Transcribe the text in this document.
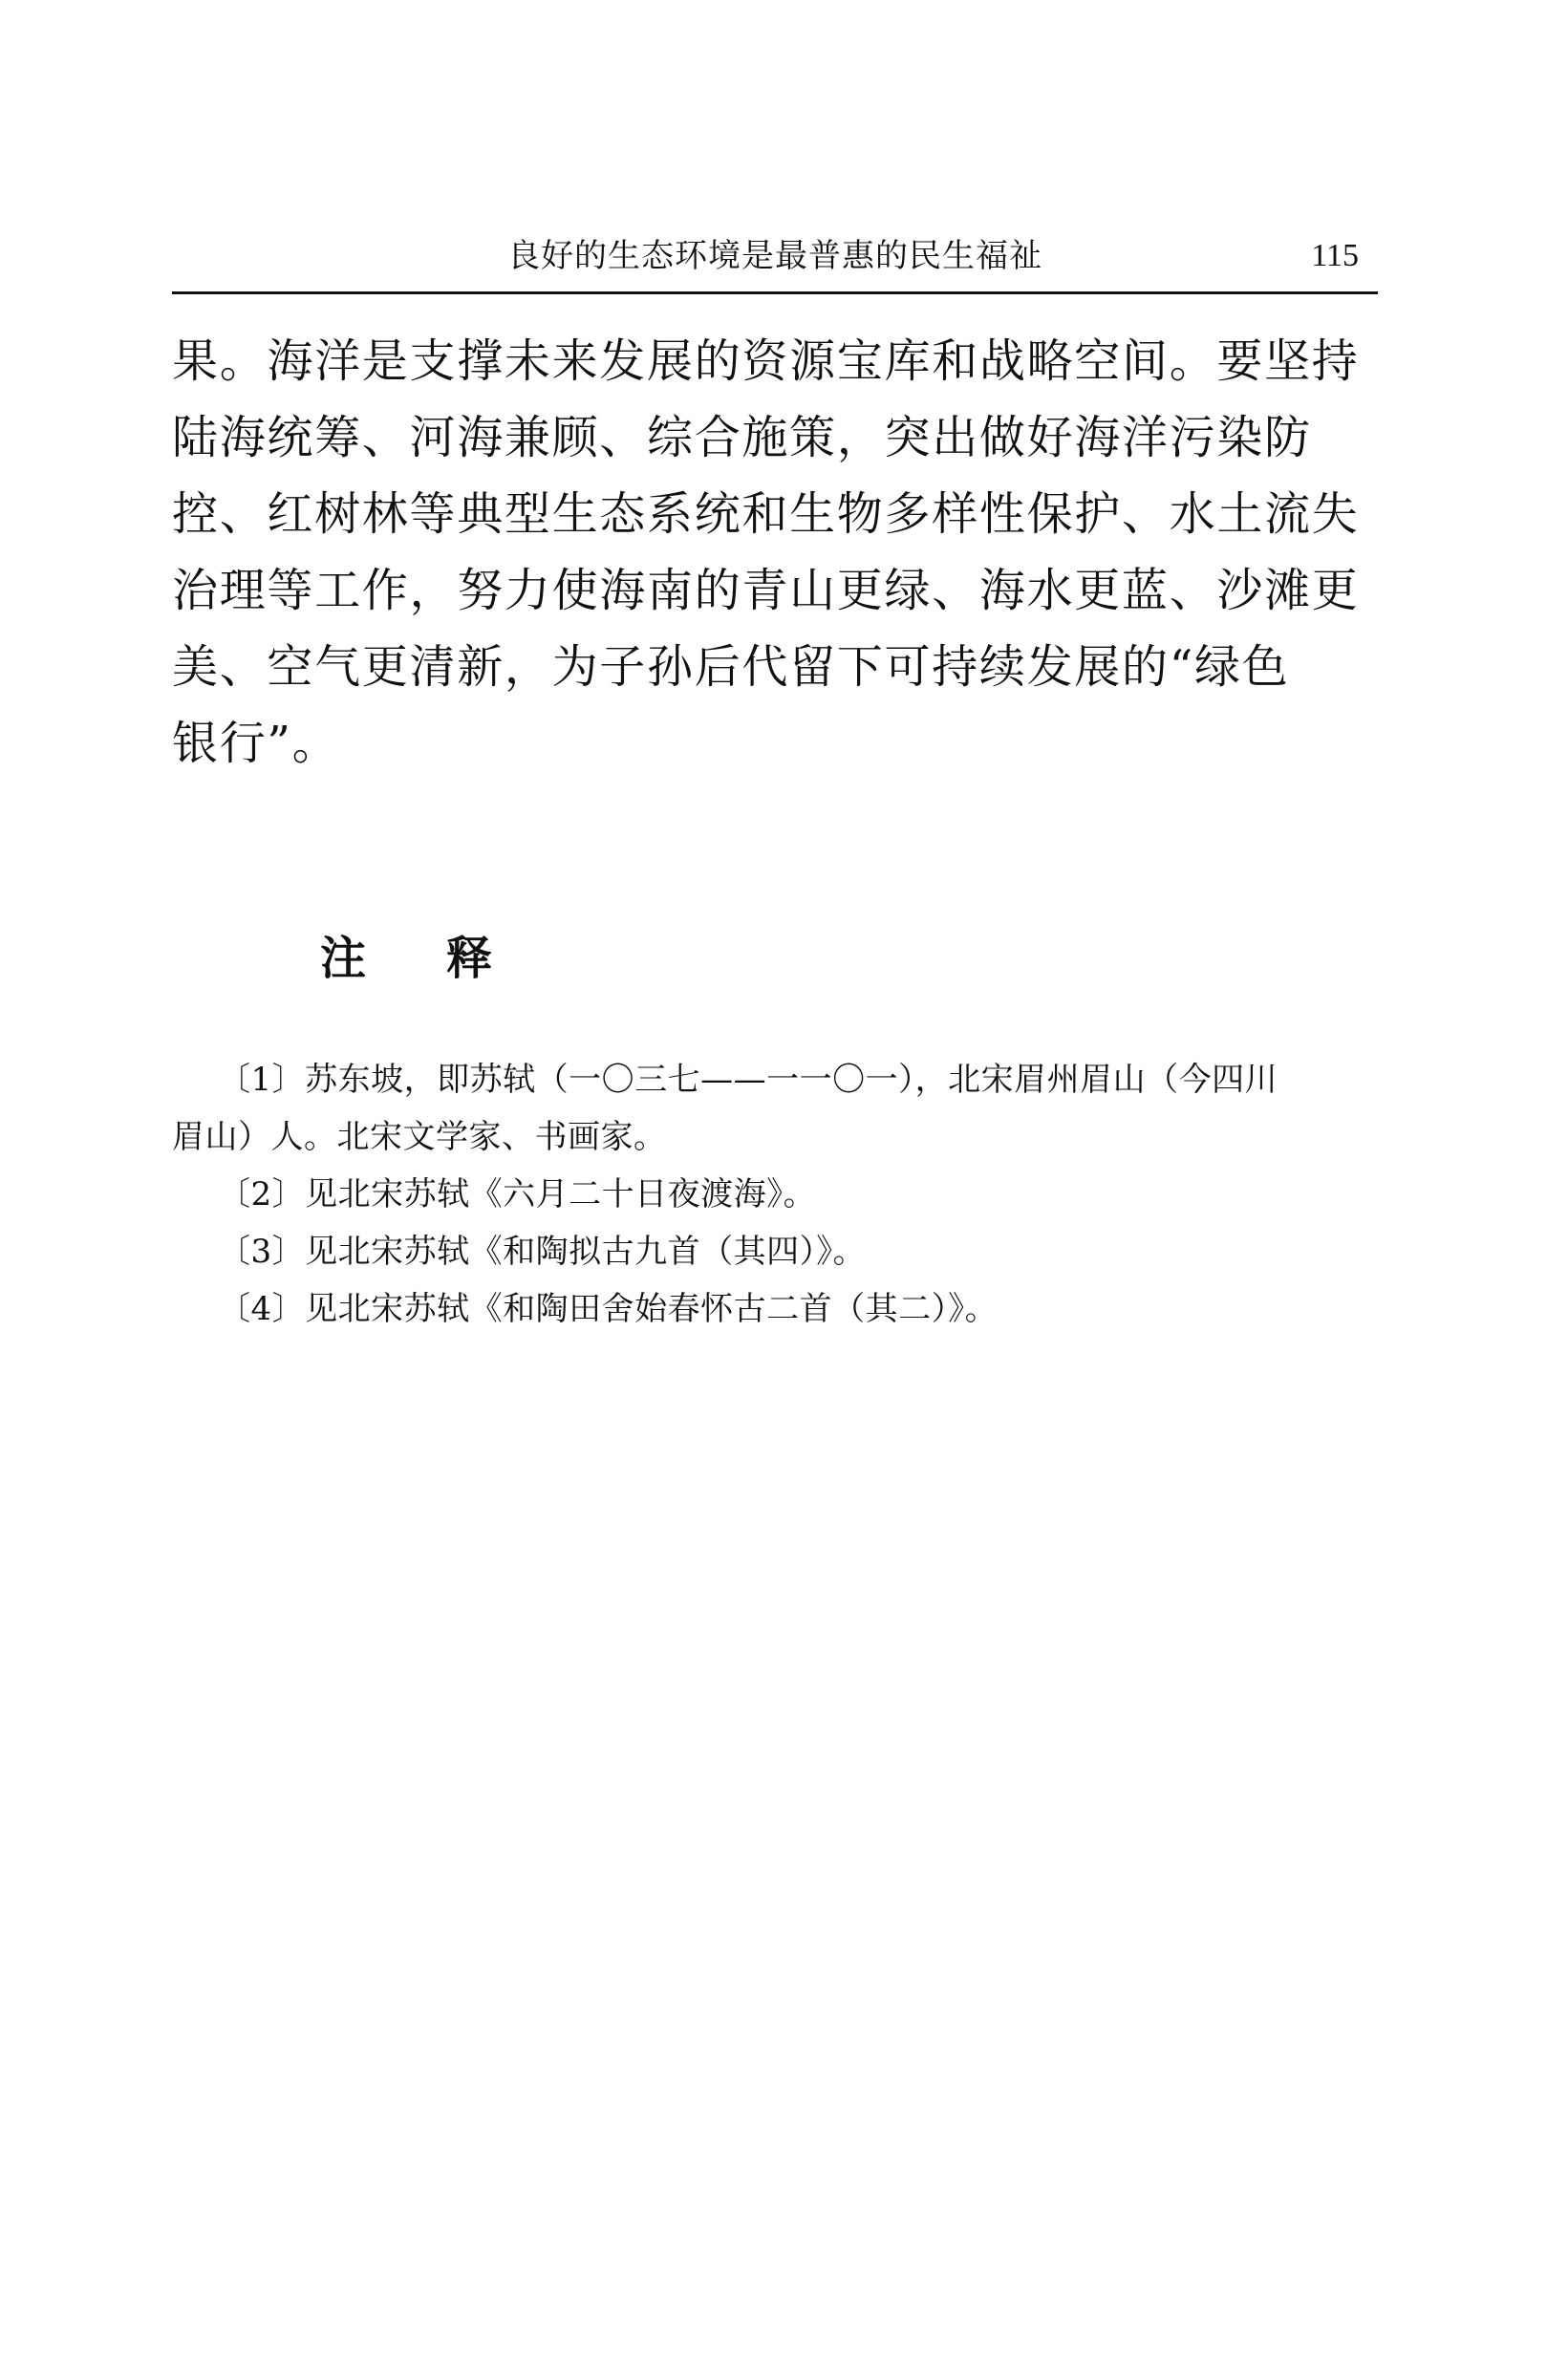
良好的生态环境是最普惠的民生福祉	115
果。海洋是支撑未来发展的资源宝库和战略空间。要坚持
陆海统筹、河海兼顾、综合施策，突出做好海洋污染防
控、红树林等典型生态系统和生物多样性保护、水土流失
治理等工作，努力使海南的青山更绿、海水更蓝、沙滩更
美、空气更清新，为子孙后代留下可持续发展的“绿色
银行”。
注释
〔1〕苏东坡，即苏轼（一〇三七——一一〇一），北宋眉州眉山（今四川
眉山）人。北宋文学家、书画家。
〔2〕见北宋苏轼《六月二十日夜渡海》。
〔3〕见北宋苏轼《和陶拟古九首（其四）》。
〔4〕见北宋苏轼《和陶田舍始春怀古二首（其二）》。
